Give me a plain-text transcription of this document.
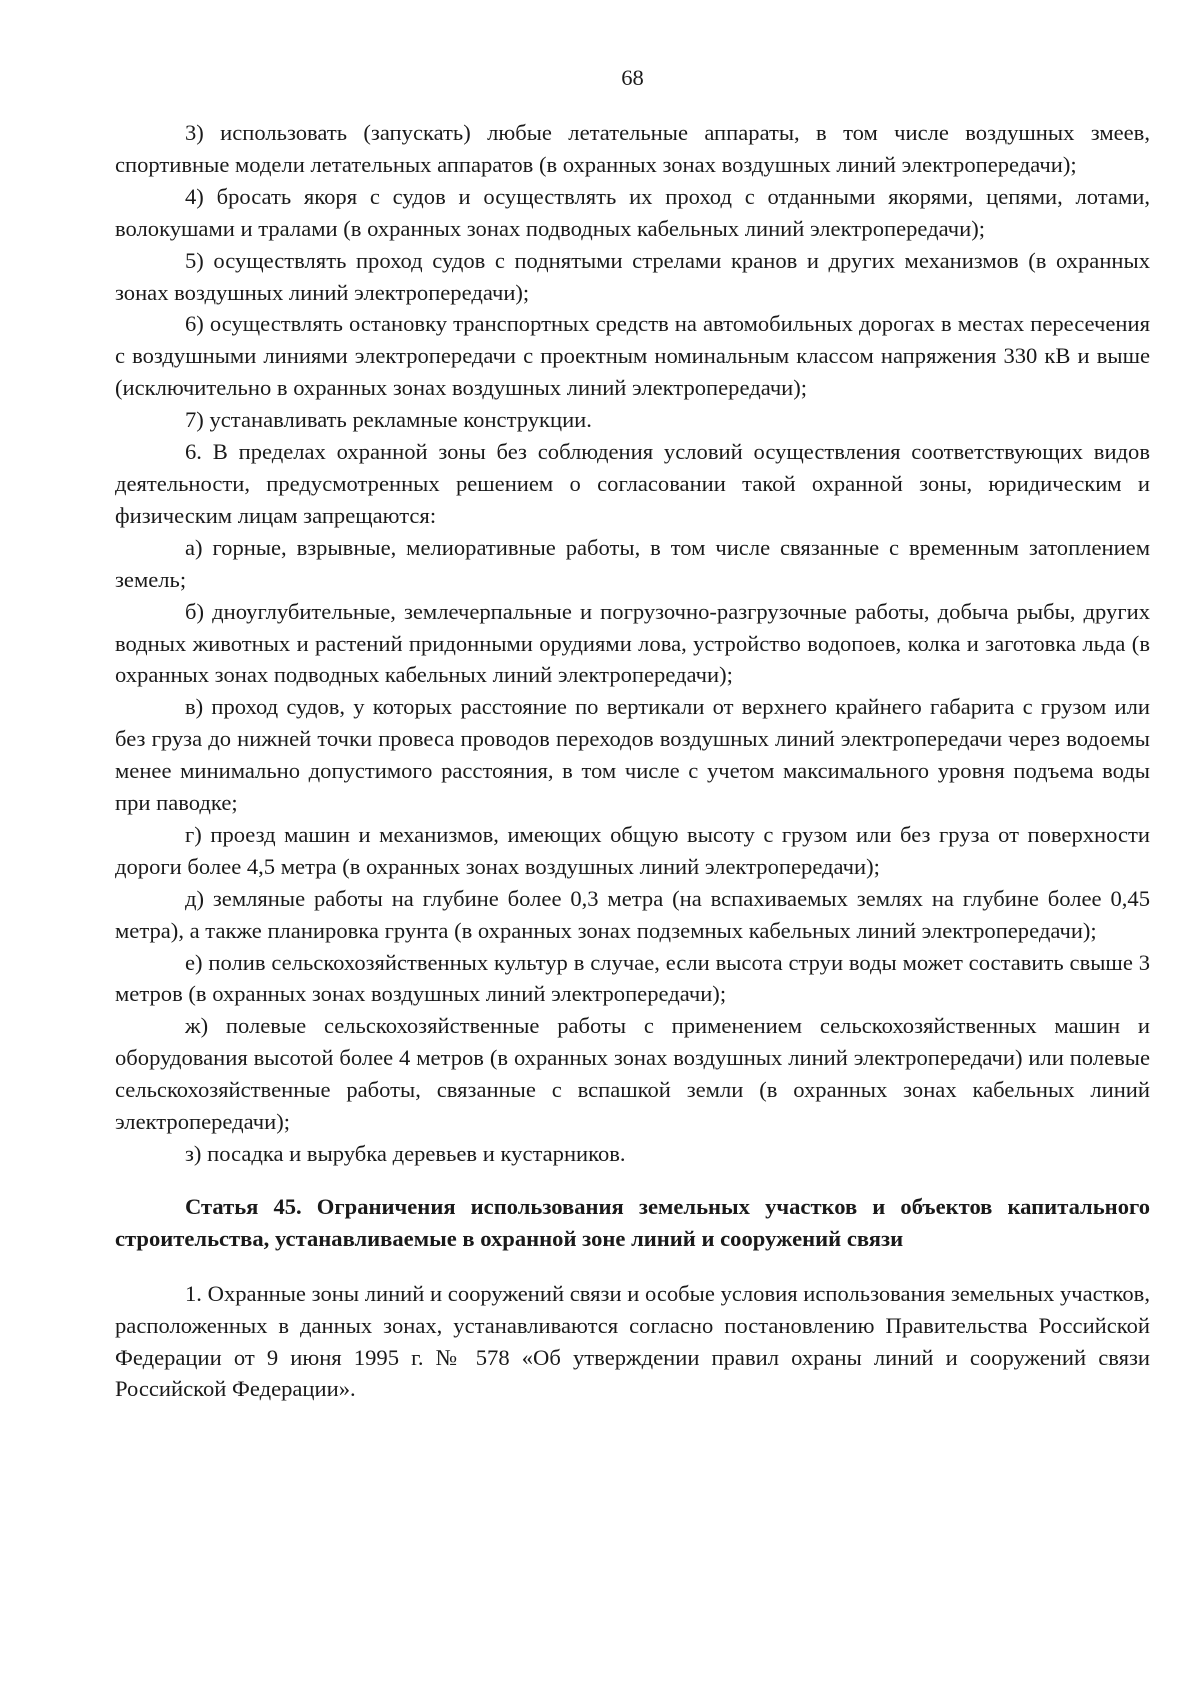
68

3) использовать (запускать) любые летательные аппараты, в том числе воздушных змеев, спортивные модели летательных аппаратов (в охранных зонах воздушных линий электропередачи);

4) бросать якоря с судов и осуществлять их проход с отданными якорями, цепями, лотами, волокушами и тралами (в охранных зонах подводных кабельных линий электропередачи);

5) осуществлять проход судов с поднятыми стрелами кранов и других механизмов (в охранных зонах воздушных линий электропередачи);

6) осуществлять остановку транспортных средств на автомобильных дорогах в местах пересечения с воздушными линиями электропередачи с проектным номинальным классом напряжения 330 кВ и выше (исключительно в охранных зонах воздушных линий электропередачи);

7) устанавливать рекламные конструкции.

6. В пределах охранной зоны без соблюдения условий осуществления соответствующих видов деятельности, предусмотренных решением о согласовании такой охранной зоны, юридическим и физическим лицам запрещаются:

а) горные, взрывные, мелиоративные работы, в том числе связанные с временным затоплением земель;

б) дноуглубительные, землечерпальные и погрузочно-разгрузочные работы, добыча рыбы, других водных животных и растений придонными орудиями лова, устройство водопоев, колка и заготовка льда (в охранных зонах подводных кабельных линий электропередачи);

в) проход судов, у которых расстояние по вертикали от верхнего крайнего габарита с грузом или без груза до нижней точки провеса проводов переходов воздушных линий электропередачи через водоемы менее минимально допустимого расстояния, в том числе с учетом максимального уровня подъема воды при паводке;

г) проезд машин и механизмов, имеющих общую высоту с грузом или без груза от поверхности дороги более 4,5 метра (в охранных зонах воздушных линий электропередачи);

д) земляные работы на глубине более 0,3 метра (на вспахиваемых землях на глубине более 0,45 метра), а также планировка грунта (в охранных зонах подземных кабельных линий электропередачи);

е) полив сельскохозяйственных культур в случае, если высота струи воды может составить свыше 3 метров (в охранных зонах воздушных линий электропередачи);

ж) полевые сельскохозяйственные работы с применением сельскохозяйственных машин и оборудования высотой более 4 метров (в охранных зонах воздушных линий электропередачи) или полевые сельскохозяйственные работы, связанные с вспашкой земли (в охранных зонах кабельных линий электропередачи);

з) посадка и вырубка деревьев и кустарников.

Статья 45. Ограничения использования земельных участков и объектов капитального строительства, устанавливаемые в охранной зоне линий и сооружений связи

1. Охранные зоны линий и сооружений связи и особые условия использования земельных участков, расположенных в данных зонах, устанавливаются согласно постановлению Правительства Российской Федерации от 9 июня 1995 г. № 578 «Об утверждении правил охраны линий и сооружений связи Российской Федерации».
